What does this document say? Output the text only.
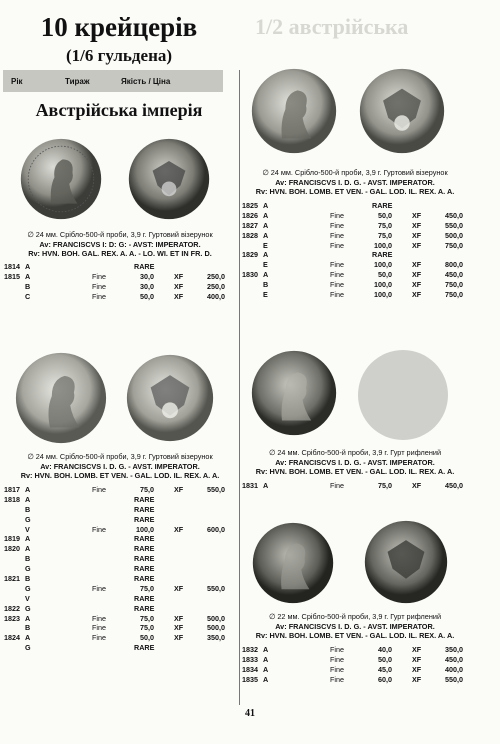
1/2 австрійська
10 крейцерів
(1/6 гульдена)
Рік	Тираж	Якість / Ціна
Австрійська імперія
∅ 24 мм. Срібло-500-й проби, 3,9 г. Гуртовий візерунок
Av: FRANCISCVS I: D: G: - AVST: IMPERATOR.
Rv: HVN. BOH. GAL. REX. A. A. - LO. WI. ET IN FR. D.
∅ 24 мм. Срібло-500-й проби, 3,9 г. Гуртовий візерунок
Av: FRANCISCVS I. D. G. - AVST. IMPERATOR.
Rv: HVN. BOH. LOMB. ET VEN. - GAL. LOD. IL. REX. A. A.
∅ 24 мм. Срібло-500-й проби, 3,9 г. Гуртовий візерунок
Av: FRANCISCVS I. D. G. - AVST. IMPERATOR.
Rv: HVN. BOH. LOMB. ET VEN. - GAL. LOD. IL. REX. A. A.
∅ 24 мм. Срібло-500-й проби, 3,9 г. Гурт рифлений
Av: FRANCISCVS I. D. G. - AVST. IMPERATOR.
Rv: HVN. BOH. LOMB. ET VEN. - GAL. LOD. IL. REX. A. A.
∅ 22 мм. Срібло-500-й проби, 3,9 г. Гурт рифлений
Av: FRANCISCVS I. D. G. - AVST. IMPERATOR.
Rv: HVN. BOH. LOMB. ET VEN. - GAL. LOD. IL. REX. A. A.
1814 A	RARE
1815 A	Fine	30,0	XF	250,0
B	Fine	30,0	XF	250,0
C	Fine	50,0	XF	400,0
1817 A	Fine	75,0	XF	550,0
1818 A	RARE
B	RARE
G	RARE
V	Fine	100,0	XF	600,0
1819 A	RARE
1820 A	RARE
B	RARE
G	RARE
1821 B	RARE
G	Fine	75,0	XF	550,0
V	RARE
1822 G	RARE
1823 A	Fine	75,0	XF	500,0
B	Fine	75,0	XF	500,0
1824 A	Fine	50,0	XF	350,0
G	RARE
1825 A	RARE
1826 A	Fine	50,0	XF	450,0
1827 A	Fine	75,0	XF	550,0
1828 A	Fine	75,0	XF	500,0
E	Fine	100,0	XF	750,0
1829 A	RARE
E	Fine	100,0	XF	800,0
1830 A	Fine	50,0	XF	450,0
B	Fine	100,0	XF	750,0
E	Fine	100,0	XF	750,0
1831 A	Fine	75,0	XF	450,0
1832 A	Fine	40,0	XF	350,0
1833 A	Fine	50,0	XF	450,0
1834 A	Fine	45,0	XF	400,0
1835 A	Fine	60,0	XF	550,0
41
